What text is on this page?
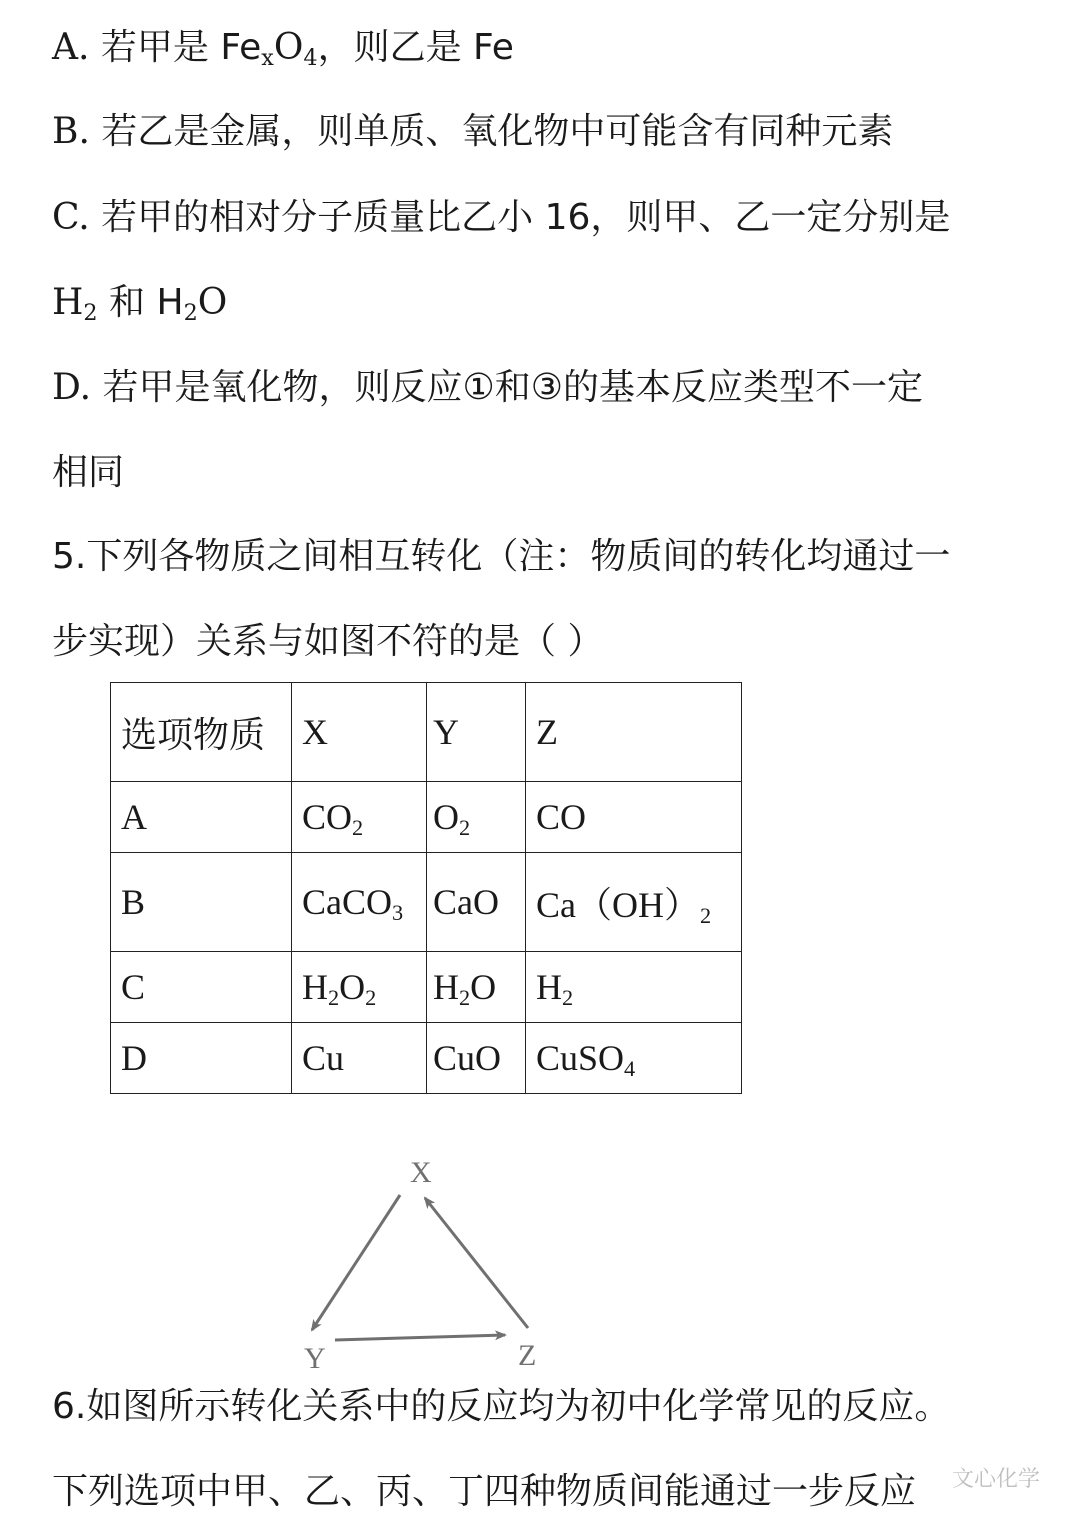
A. 若甲是 $Fe_xO_4$，则乙是 Fe
B. 若乙是金属，则单质、氧化物中可能含有同种元素
C. 若甲的相对分子质量比乙小 16，则甲、乙一定分别是
$H_2$ 和 $H_2O$
D. 若甲是氧化物，则反应①和③的基本反应类型不一定
相同
5.下列各物质之间相互转化（注：物质间的转化均通过一
步实现）关系与如图不符的是（ ）
选项物质	X	Y	Z
A	$CO_2$	$O_2$	CO
B	CaCO$_3$	CaO	$Ca(OH)_2$
C	$H_2O_2$	$H_2O$	$H_2$
D	Cu	CuO	CuSO$_4$
X
Y	Z
6.如图所示转化关系中的反应均为初中化学常见的反应。
下列选项中甲、乙、丙、丁四种物质间能通过一步反应 文心化学
